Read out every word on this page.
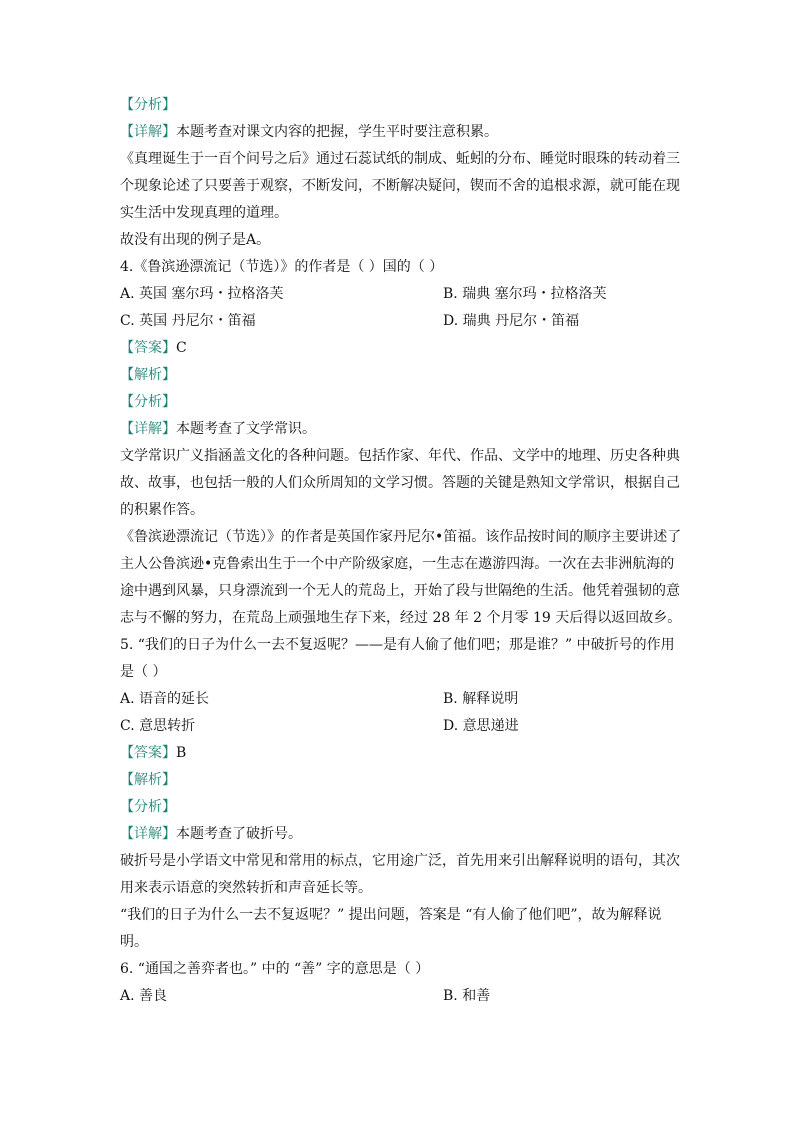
【分析】
【详解】本题考查对课文内容的把握，学生平时要注意积累。
《真理诞生于一百个问号之后》通过石蕊试纸的制成、蚯蚓的分布、睡觉时眼珠的转动着三
个现象论述了只要善于观察，不断发问，不断解决疑问，锲而不舍的追根求源，就可能在现
实生活中发现真理的道理。
故没有出现的例子是A。
4.《鲁滨逊漂流记（节选）》的作者是（ ）国的（ ）
A. 英国 塞尔玛・拉格洛芙	B. 瑞典 塞尔玛・拉格洛芙
C. 英国 丹尼尔・笛福	D. 瑞典 丹尼尔・笛福
【答案】C
【解析】
【分析】
【详解】本题考查了文学常识。
文学常识广义指涵盖文化的各种问题。包括作家、年代、作品、文学中的地理、历史各种典
故、故事，也包括一般的人们众所周知的文学习惯。答题的关键是熟知文学常识，根据自己
的积累作答。
《鲁滨逊漂流记（节选）》的作者是英国作家丹尼尔•笛福。该作品按时间的顺序主要讲述了
主人公鲁滨逊•克鲁索出生于一个中产阶级家庭，一生志在遨游四海。一次在去非洲航海的
途中遇到风暴，只身漂流到一个无人的荒岛上，开始了段与世隔绝的生活。他凭着强韧的意
志与不懈的努力，在荒岛上顽强地生存下来，经过 28 年 2 个月零 19 天后得以返回故乡。
5. “我们的日子为什么一去不复返呢？——是有人偷了他们吧；那是谁？” 中破折号的作用
是（ ）
A. 语音的延长	B. 解释说明
C. 意思转折	D. 意思递进
【答案】B
【解析】
【分析】
【详解】本题考查了破折号。
破折号是小学语文中常见和常用的标点，它用途广泛，首先用来引出解释说明的语句，其次
用来表示语意的突然转折和声音延长等。
“我们的日子为什么一去不复返呢？” 提出问题，答案是 “有人偷了他们吧”，故为解释说
明。
6. “通国之善弈者也。” 中的 “善” 字的意思是（ ）
A. 善良	B. 和善
